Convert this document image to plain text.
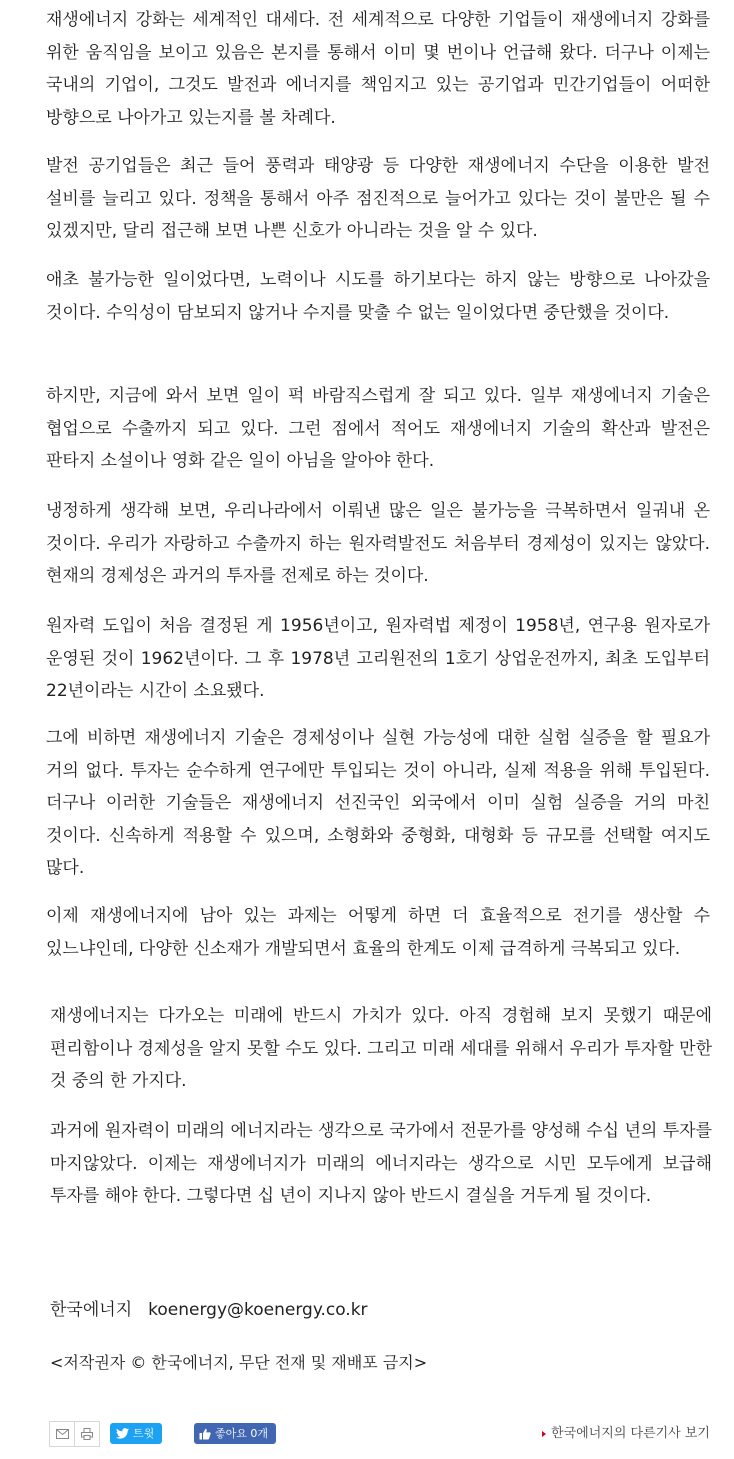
재생에너지 강화는 세계적인 대세다. 전 세계적으로 다양한 기업들이 재생에너지 강화를 위한 움직임을 보이고 있음은 본지를 통해서 이미 몇 번이나 언급해 왔다. 더구나 이제는 국내의 기업이, 그것도 발전과 에너지를 책임지고 있는 공기업과 민간기업들이 어떠한 방향으로 나아가고 있는지를 볼 차례다.

발전 공기업들은 최근 들어 풍력과 태양광 등 다양한 재생에너지 수단을 이용한 발전 설비를 늘리고 있다. 정책을 통해서 아주 점진적으로 늘어가고 있다는 것이 불만은 될 수 있겠지만, 달리 접근해 보면 나쁜 신호가 아니라는 것을 알 수 있다.

애초 불가능한 일이었다면, 노력이나 시도를 하기보다는 하지 않는 방향으로 나아갔을 것이다. 수익성이 담보되지 않거나 수지를 맞출 수 없는 일이었다면 중단했을 것이다.

하지만, 지금에 와서 보면 일이 퍽 바람직스럽게 잘 되고 있다. 일부 재생에너지 기술은 협업으로 수출까지 되고 있다. 그런 점에서 적어도 재생에너지 기술의 확산과 발전은 판타지 소설이나 영화 같은 일이 아님을 알아야 한다.

냉정하게 생각해 보면, 우리나라에서 이뤄낸 많은 일은 불가능을 극복하면서 일궈내 온 것이다. 우리가 자랑하고 수출까지 하는 원자력발전도 처음부터 경제성이 있지는 않았다. 현재의 경제성은 과거의 투자를 전제로 하는 것이다.

원자력 도입이 처음 결정된 게 1956년이고, 원자력법 제정이 1958년, 연구용 원자로가 운영된 것이 1962년이다. 그 후 1978년 고리원전의 1호기 상업운전까지, 최초 도입부터 22년이라는 시간이 소요됐다.

그에 비하면 재생에너지 기술은 경제성이나 실현 가능성에 대한 실험 실증을 할 필요가 거의 없다. 투자는 순수하게 연구에만 투입되는 것이 아니라, 실제 적용을 위해 투입된다. 더구나 이러한 기술들은 재생에너지 선진국인 외국에서 이미 실험 실증을 거의 마친 것이다. 신속하게 적용할 수 있으며, 소형화와 중형화, 대형화 등 규모를 선택할 여지도 많다.

이제 재생에너지에 남아 있는 과제는 어떻게 하면 더 효율적으로 전기를 생산할 수 있느냐인데, 다양한 신소재가 개발되면서 효율의 한계도 이제 급격하게 극복되고 있다.

재생에너지는 다가오는 미래에 반드시 가치가 있다. 아직 경험해 보지 못했기 때문에 편리함이나 경제성을 알지 못할 수도 있다. 그리고 미래 세대를 위해서 우리가 투자할 만한 것 중의 한 가지다.

과거에 원자력이 미래의 에너지라는 생각으로 국가에서 전문가를 양성해 수십 년의 투자를 마지않았다. 이제는 재생에너지가 미래의 에너지라는 생각으로 시민 모두에게 보급해 투자를 해야 한다. 그렇다면 십 년이 지나지 않아 반드시 결실을 거두게 될 것이다.

한국에너지 koenergy@koenergy.co.kr
<저작권자 © 한국에너지, 무단 전재 및 재배포 금지>
트윗	좋아요 0개	한국에너지의 다른기사 보기
